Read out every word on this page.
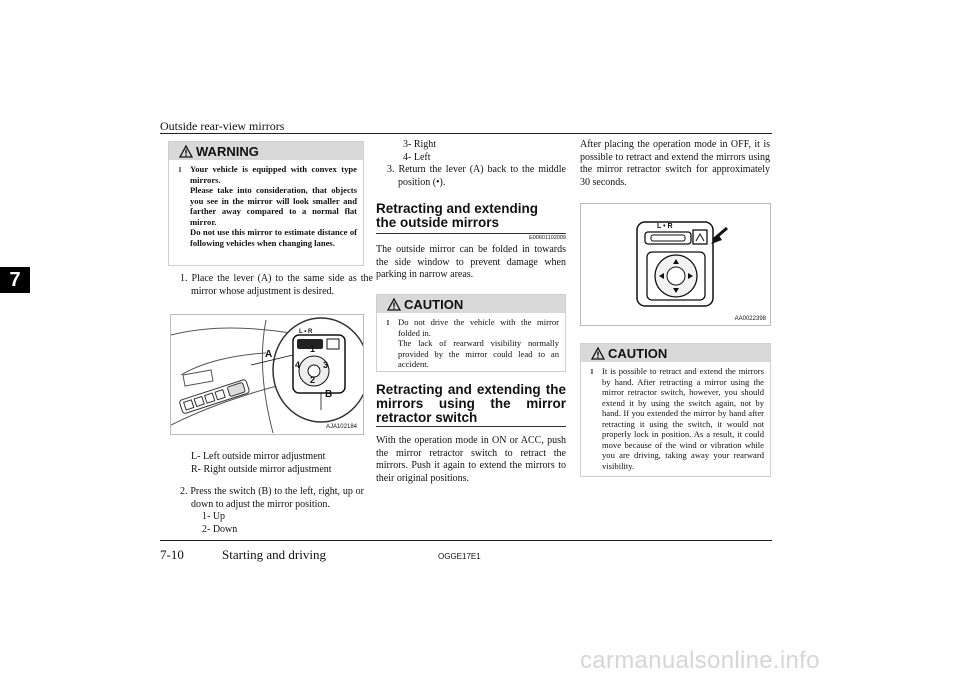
Outside rear-view mirrors
7
WARNING
l	Your vehicle is equipped with convex type mirrors.
Please take into consideration, that objects you see in the mirror will look smaller and farther away compared to a normal flat mirror.
Do not use this mirror to estimate distance of following vehicles when changing lanes.
1. Place the lever (A) to the same side as the mirror whose adjustment is desired.
A
B
1
2
3
4
L • R
AJA102184
L- Left outside mirror adjustment
R- Right outside mirror adjustment
2. Press the switch (B) to the left, right, up or down to adjust the mirror position.
1- Up
2- Down
3- Right
4- Left
3. Return the lever (A) back to the middle position (•).
Retracting and extending the outside mirrors
E00601102009
The outside mirror can be folded in towards the side window to prevent damage when parking in narrow areas.
CAUTION
l	Do not drive the vehicle with the mirror folded in.
The lack of rearward visibility normally provided by the mirror could lead to an accident.
Retracting and extending the mirrors using the mirror retractor switch
With the operation mode in ON or ACC, push the mirror retractor switch to retract the mirrors. Push it again to extend the mirrors to their original positions.
After placing the operation mode in OFF, it is possible to retract and extend the mirrors using the mirror retractor switch for approximately 30 seconds.
L • R
AA0022398
CAUTION
l	It is possible to retract and extend the mirrors by hand. After retracting a mirror using the mirror retractor switch, however, you should extend it by using the switch again, not by hand. If you extended the mirror by hand after retracting it using the switch, it would not properly lock in position. As a result, it could move because of the wind or vibration while you are driving, taking away your rearward visibility.
7-10	Starting and driving	OGGE17E1
carmanualsonline.info
